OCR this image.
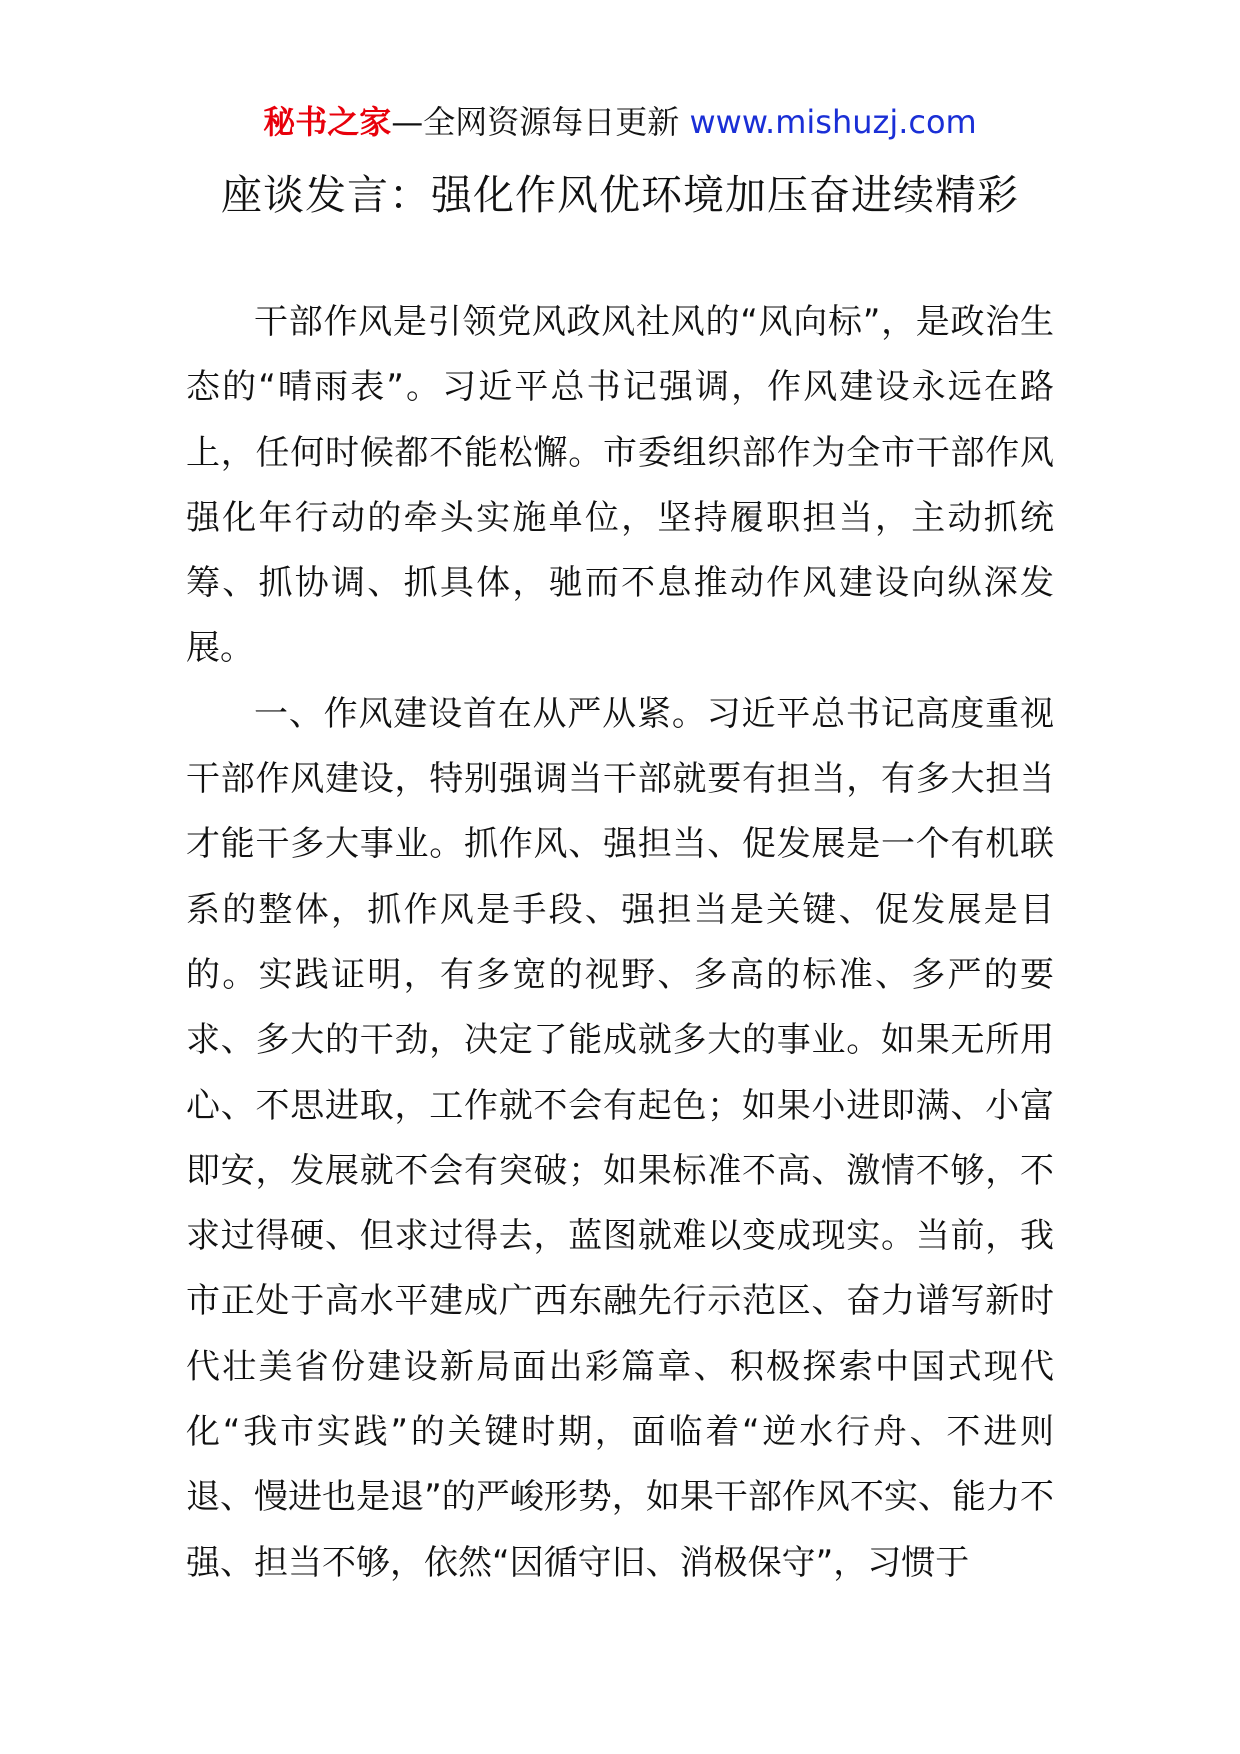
秘书之家—全网资源每日更新 www.mishuzj.com
座谈发言：强化作风优环境加压奋进续精彩

干部作风是引领党风政风社风的“风向标”，是政治生态的“晴雨表”。习近平总书记强调，作风建设永远在路上，任何时候都不能松懈。市委组织部作为全市干部作风强化年行动的牵头实施单位，坚持履职担当，主动抓统筹、抓协调、抓具体，驰而不息推动作风建设向纵深发展。

一、作风建设首在从严从紧。习近平总书记高度重视干部作风建设，特别强调当干部就要有担当，有多大担当才能干多大事业。抓作风、强担当、促发展是一个有机联系的整体，抓作风是手段、强担当是关键、促发展是目的。实践证明，有多宽的视野、多高的标准、多严的要求、多大的干劲，决定了能成就多大的事业。如果无所用心、不思进取，工作就不会有起色；如果小进即满、小富即安，发展就不会有突破；如果标准不高、激情不够，不求过得硬、但求过得去，蓝图就难以变成现实。当前，我市正处于高水平建成广西东融先行示范区、奋力谱写新时代壮美省份建设新局面出彩篇章、积极探索中国式现代化“我市实践”的关键时期，面临着“逆水行舟、不进则退、慢进也是退”的严峻形势，如果干部作风不实、能力不强、担当不够，依然“因循守旧、消极保守”，习惯于
